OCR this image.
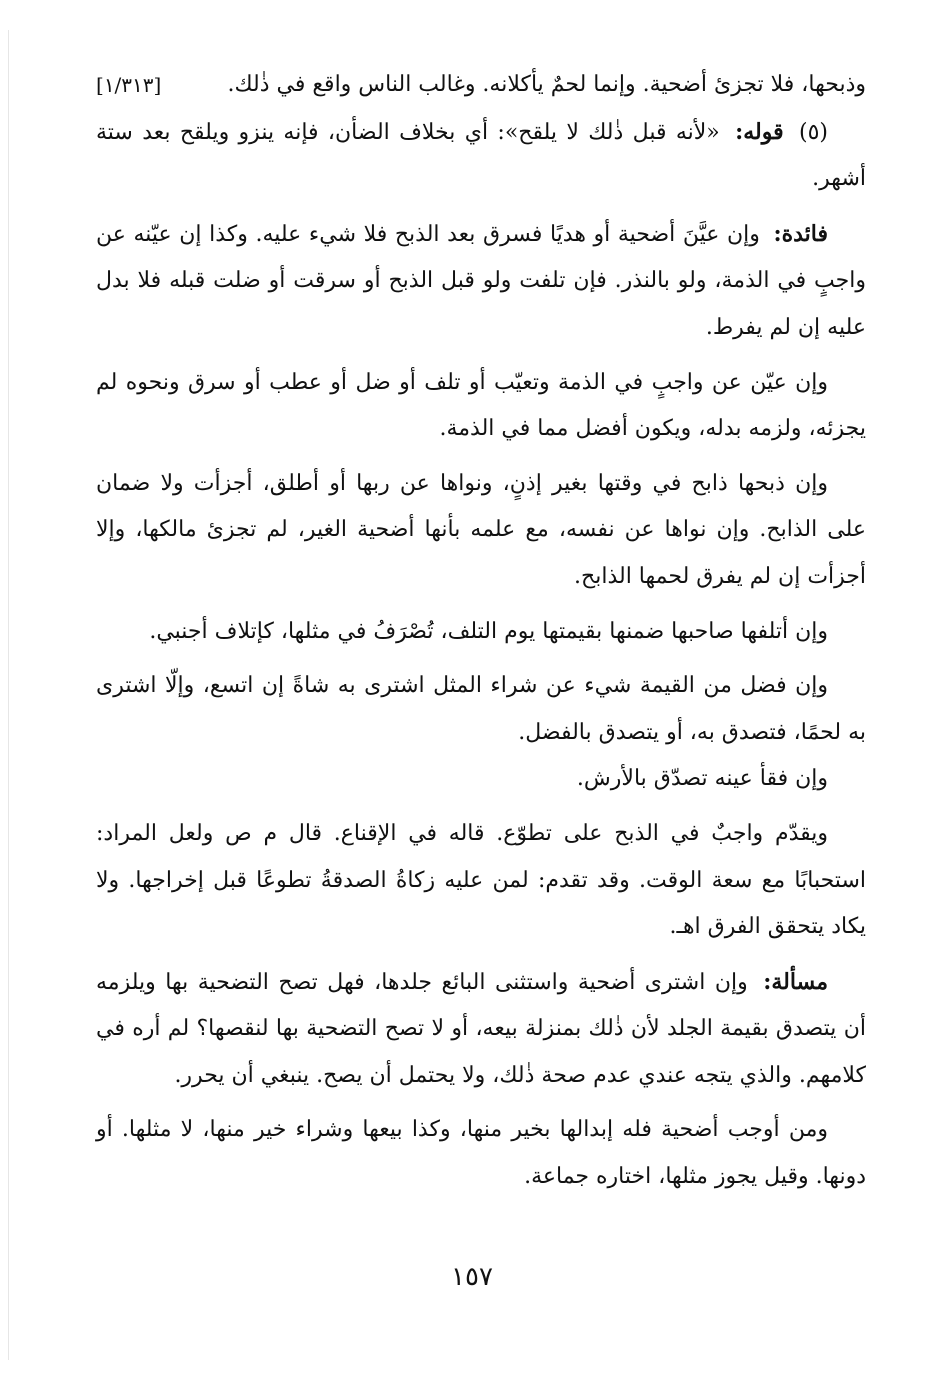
[١/٣١٣]	وذبحها، فلا تجزئ أضحية. وإنما لحمٌ يأكلانه. وغالب الناس واقع في ذٰلك.

(٥) قوله: «لأنه قبل ذٰلك لا يلقح»: أي بخلاف الضأن، فإنه ينزو ويلقح بعد ستة أشهر.

فائدة: وإن عيَّنَ أضحية أو هديًا فسرق بعد الذبح فلا شيء عليه. وكذا إن عيّنه عن واجبٍ في الذمة، ولو بالنذر. فإن تلفت ولو قبل الذبح أو سرقت أو ضلت قبله فلا بدل عليه إن لم يفرط.

وإن عيّن عن واجبٍ في الذمة وتعيّب أو تلف أو ضل أو عطب أو سرق ونحوه لم يجزئه، ولزمه بدله، ويكون أفضل مما في الذمة.

وإن ذبحها ذابح في وقتها بغير إذنٍ، ونواها عن ربها أو أطلق، أجزأت ولا ضمان على الذابح. وإن نواها عن نفسه، مع علمه بأنها أضحية الغير، لم تجزئ مالكها، وإلا أجزأت إن لم يفرق لحمها الذابح.

وإن أتلفها صاحبها ضمنها بقيمتها يوم التلف، تُصْرَفُ في مثلها، كإتلاف أجنبي.

وإن فضل من القيمة شيء عن شراء المثل اشترى به شاةً إن اتسع، وإلّا اشترى به لحمًا، فتصدق به، أو يتصدق بالفضل.

وإن فقأ عينه تصدّق بالأرش.

ويقدّم واجبٌ في الذبح على تطوّع. قاله في الإقناع. قال م ص ولعل المراد: استحبابًا مع سعة الوقت. وقد تقدم: لمن عليه زكاةُ الصدقةُ تطوعًا قبل إخراجها. ولا يكاد يتحقق الفرق اهـ.

مسألة: وإن اشترى أضحية واستثنى البائع جلدها، فهل تصح التضحية بها ويلزمه أن يتصدق بقيمة الجلد لأن ذٰلك بمنزلة بيعه، أو لا تصح التضحية بها لنقصها؟ لم أره في كلامهم. والذي يتجه عندي عدم صحة ذٰلك، ولا يحتمل أن يصح. ينبغي أن يحرر.

ومن أوجب أضحية فله إبدالها بخير منها، وكذا بيعها وشراء خير منها، لا مثلها. أو دونها. وقيل يجوز مثلها، اختاره جماعة.

١٥٧
